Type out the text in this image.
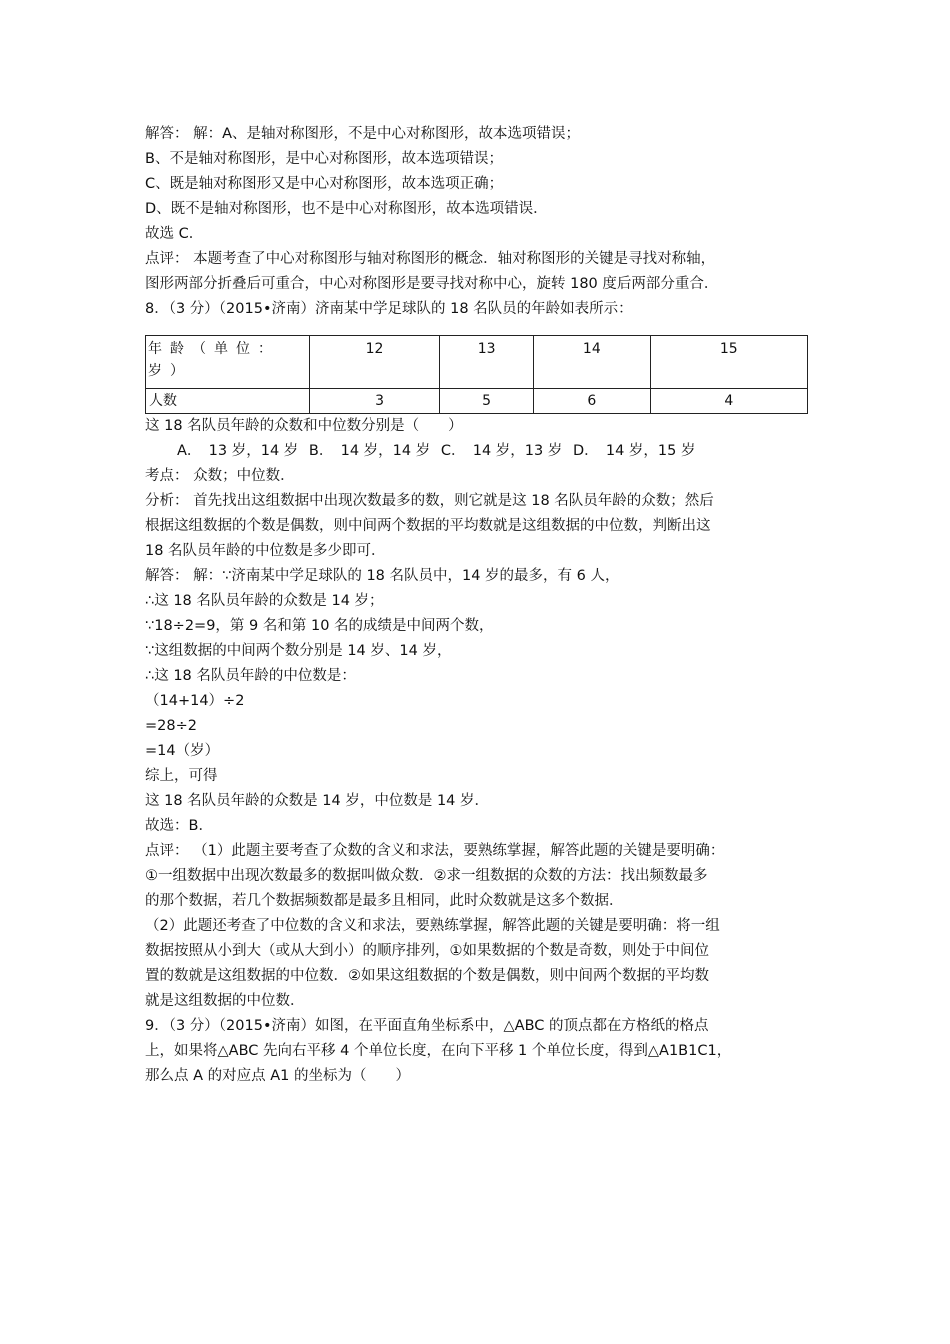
解答： 解：A、是轴对称图形，不是中心对称图形，故本选项错误；
B、不是轴对称图形，是中心对称图形，故本选项错误；
C、既是轴对称图形又是中心对称图形，故本选项正确；
D、既不是轴对称图形，也不是中心对称图形，故本选项错误．
故选 C．
点评： 本题考查了中心对称图形与轴对称图形的概念．轴对称图形的关键是寻找对称轴，
图形两部分折叠后可重合，中心对称图形是要寻找对称中心，旋转 180 度后两部分重合．
8．（3 分）（2015•济南）济南某中学足球队的 18 名队员的年龄如表所示：
年龄（单位：岁）	12	13	14	15
人数	3	5	6	4
这 18 名队员年龄的众数和中位数分别是（　　）
A．　13 岁，14 岁 B．　14 岁，14 岁 C．　14 岁，13 岁 D．　14 岁，15 岁
考点： 众数；中位数．
分析： 首先找出这组数据中出现次数最多的数，则它就是这 18 名队员年龄的众数；然后
根据这组数据的个数是偶数，则中间两个数据的平均数就是这组数据的中位数，判断出这
18 名队员年龄的中位数是多少即可．
解答： 解：∵济南某中学足球队的 18 名队员中，14 岁的最多，有 6 人，
∴这 18 名队员年龄的众数是 14 岁；
∵18÷2=9，第 9 名和第 10 名的成绩是中间两个数，
∵这组数据的中间两个数分别是 14 岁、14 岁，
∴这 18 名队员年龄的中位数是：
（14+14）÷2
=28÷2
=14（岁）
综上，可得
这 18 名队员年龄的众数是 14 岁，中位数是 14 岁．
故选：B．
点评： （1）此题主要考查了众数的含义和求法，要熟练掌握，解答此题的关键是要明确：
①一组数据中出现次数最多的数据叫做众数．②求一组数据的众数的方法：找出频数最多
的那个数据，若几个数据频数都是最多且相同，此时众数就是这多个数据．
（2）此题还考查了中位数的含义和求法，要熟练掌握，解答此题的关键是要明确：将一组
数据按照从小到大（或从大到小）的顺序排列，①如果数据的个数是奇数，则处于中间位
置的数就是这组数据的中位数．②如果这组数据的个数是偶数，则中间两个数据的平均数
就是这组数据的中位数．
9．（3 分）（2015•济南）如图，在平面直角坐标系中，△ABC 的顶点都在方格纸的格点
上，如果将△ABC 先向右平移 4 个单位长度，在向下平移 1 个单位长度，得到△A1B1C1，
那么点 A 的对应点 A1 的坐标为（　　）
